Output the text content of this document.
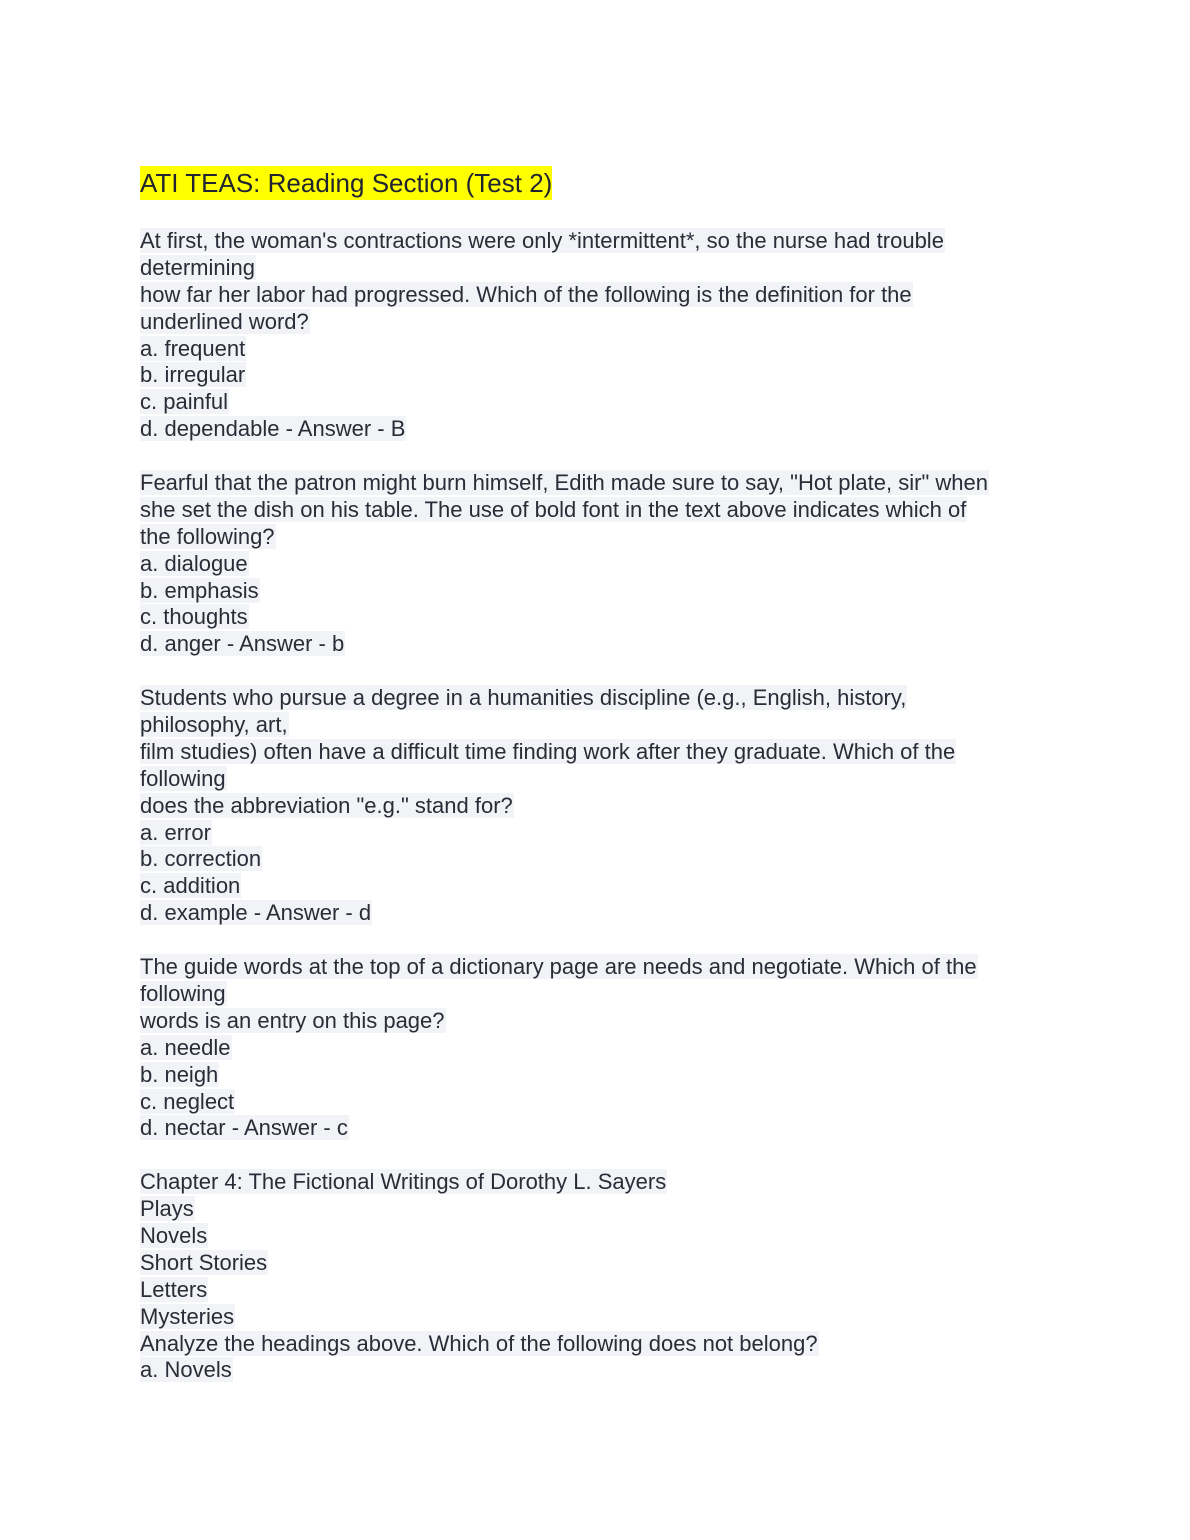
ATI TEAS: Reading Section (Test 2)
At first, the woman's contractions were only *intermittent*, so the nurse had trouble
determining
how far her labor had progressed. Which of the following is the definition for the
underlined word?
a. frequent
b. irregular
c. painful
d. dependable - Answer - B
Fearful that the patron might burn himself, Edith made sure to say, "Hot plate, sir" when
she set the dish on his table. The use of bold font in the text above indicates which of
the following?
a. dialogue
b. emphasis
c. thoughts
d. anger - Answer - b
Students who pursue a degree in a humanities discipline (e.g., English, history,
philosophy, art,
film studies) often have a difficult time finding work after they graduate. Which of the
following
does the abbreviation "e.g." stand for?
a. error
b. correction
c. addition
d. example - Answer - d
The guide words at the top of a dictionary page are needs and negotiate. Which of the
following
words is an entry on this page?
a. needle
b. neigh
c. neglect
d. nectar - Answer - c
Chapter 4: The Fictional Writings of Dorothy L. Sayers
Plays
Novels
Short Stories
Letters
Mysteries
Analyze the headings above. Which of the following does not belong?
a. Novels
